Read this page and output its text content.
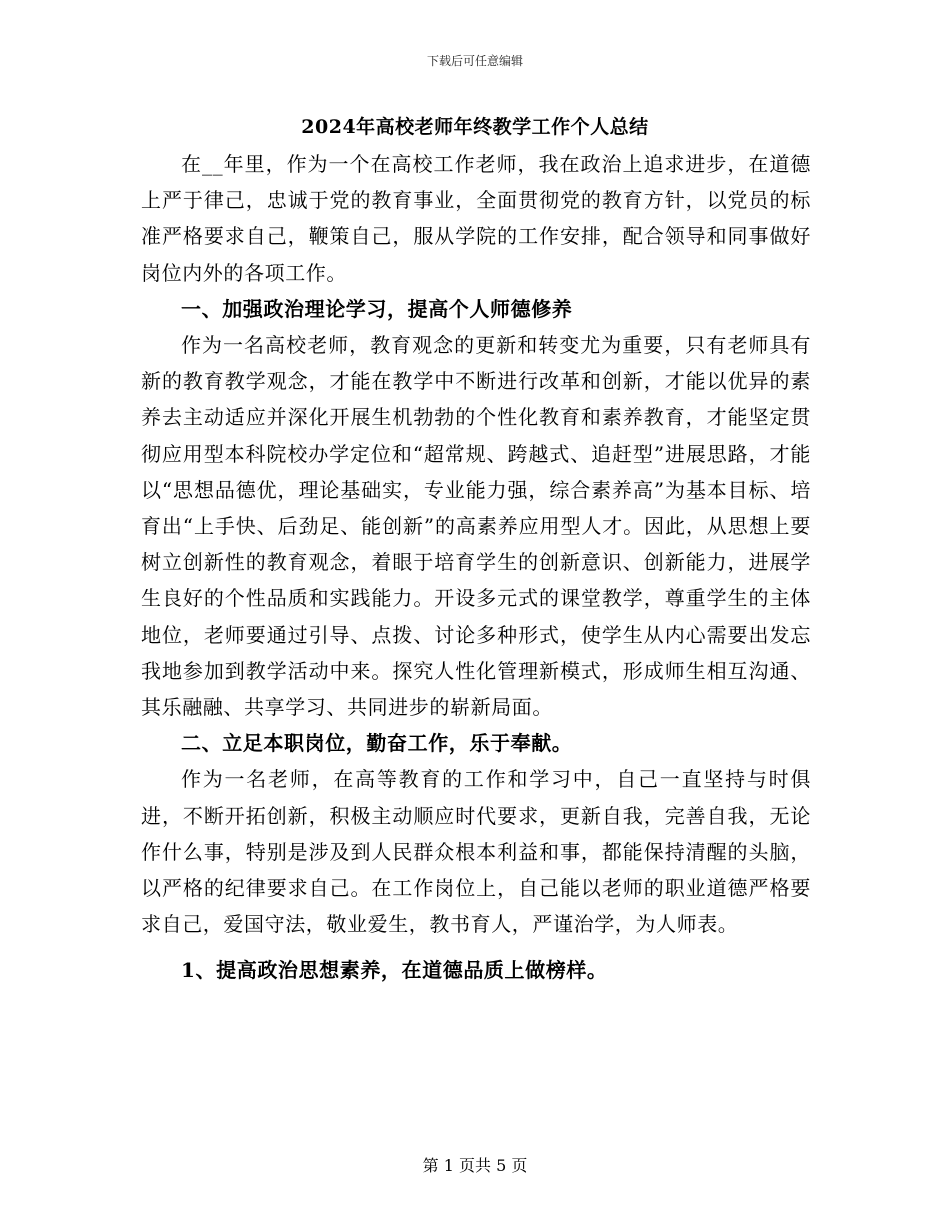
下载后可任意编辑
2024年高校老师年终教学工作个人总结

在__年里，作为一个在高校工作老师，我在政治上追求进步，在道德上严于律己，忠诚于党的教育事业，全面贯彻党的教育方针，以党员的标准严格要求自己，鞭策自己，服从学院的工作安排，配合领导和同事做好岗位内外的各项工作。

一、加强政治理论学习，提高个人师德修养

作为一名高校老师，教育观念的更新和转变尤为重要，只有老师具有新的教育教学观念，才能在教学中不断进行改革和创新，才能以优异的素养去主动适应并深化开展生机勃勃的个性化教育和素养教育，才能坚定贯彻应用型本科院校办学定位和“超常规、跨越式、追赶型”进展思路，才能以“思想品德优，理论基础实，专业能力强，综合素养高”为基本目标、培育出“上手快、后劲足、能创新”的高素养应用型人才。因此，从思想上要树立创新性的教育观念，着眼于培育学生的创新意识、创新能力，进展学生良好的个性品质和实践能力。开设多元式的课堂教学，尊重学生的主体地位，老师要通过引导、点拨、讨论多种形式，使学生从内心需要出发忘我地参加到教学活动中来。探究人性化管理新模式，形成师生相互沟通、其乐融融、共享学习、共同进步的崭新局面。

二、立足本职岗位，勤奋工作，乐于奉献。

作为一名老师，在高等教育的工作和学习中，自己一直坚持与时俱进，不断开拓创新，积极主动顺应时代要求，更新自我，完善自我，无论作什么事，特别是涉及到人民群众根本利益和事，都能保持清醒的头脑，以严格的纪律要求自己。在工作岗位上，自己能以老师的职业道德严格要求自己，爱国守法，敬业爱生，教书育人，严谨治学，为人师表。

1、提高政治思想素养，在道德品质上做榜样。

第 1 页共 5 页
